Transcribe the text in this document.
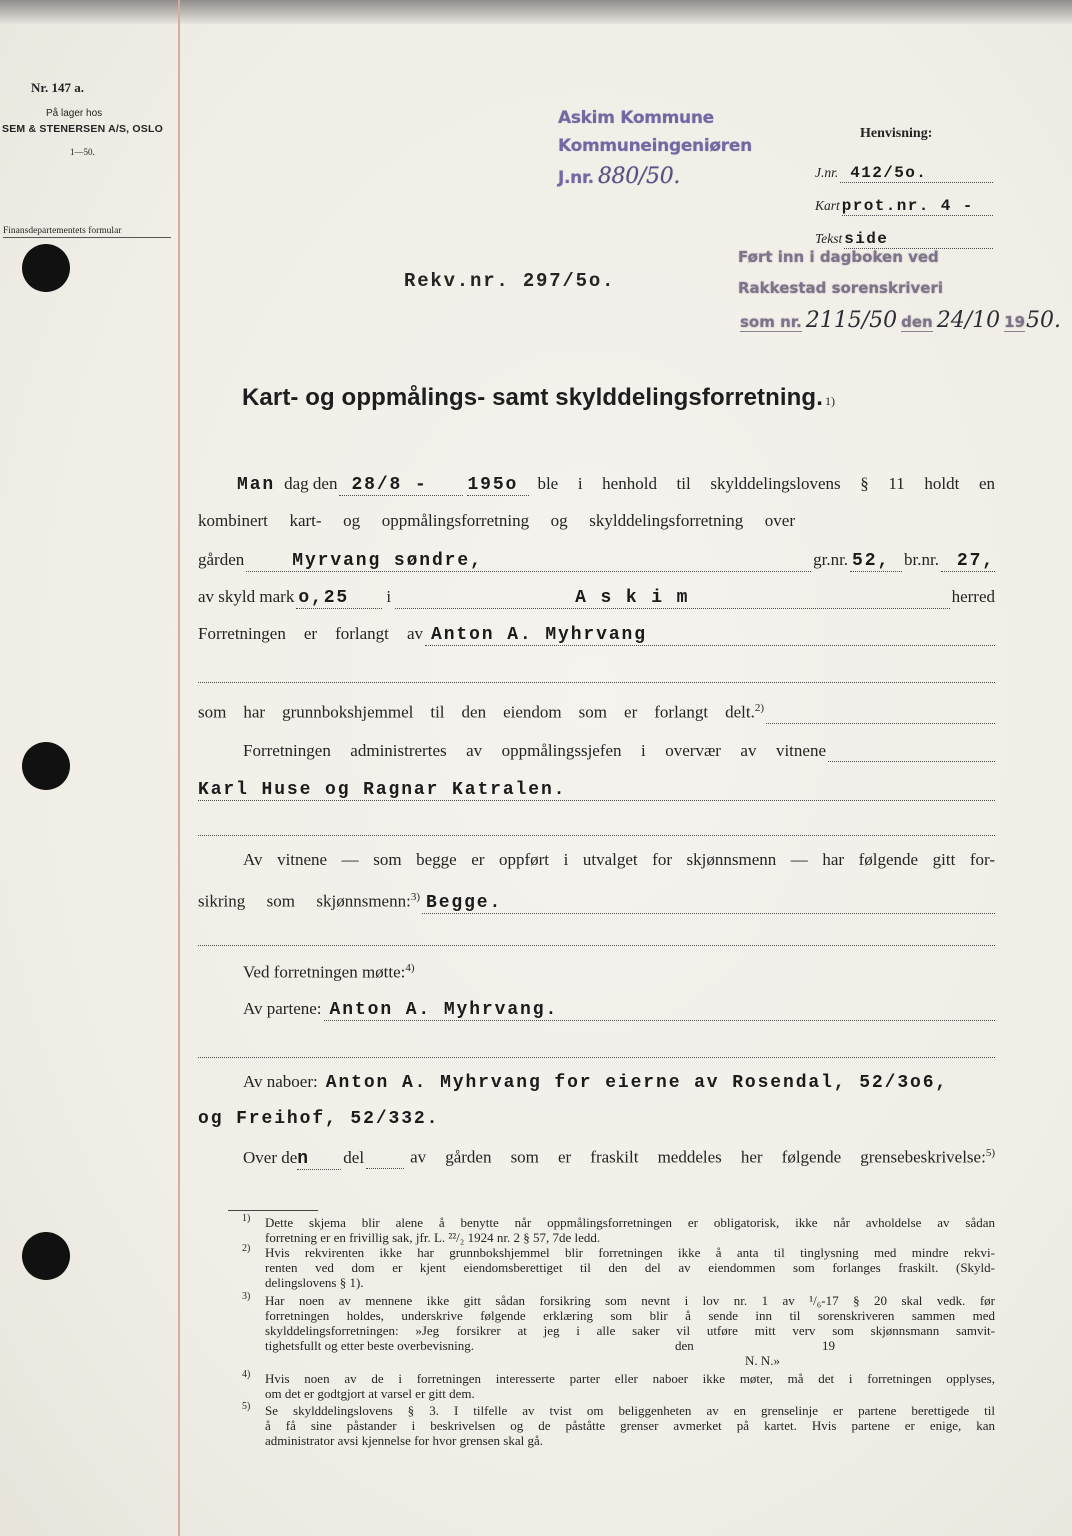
Nr. 147 a.
På lager hos
SEM & STENERSEN A/S, OSLO
1—50.
Finansdepartementets formular
Askim Kommune
Kommuneingeniøren
J.nr. 880/50.
Henvisning:
J.nr. 412/5o.
Kart prot.nr. 4 -
Tekst side
Ført inn i dagboken ved
Rakkestad sorenskriveri
som nr. 2115/50 den 24/10 19 50.
Rekv.nr. 297/5o.
Kart- og oppmålings- samt $skylddelingsforretning._{1)}$
Man dag den 28/8 -	195o	ble i henhold til skylddelingslovens § 11 holdt en
kombinert kart- og oppmålingsforretning og skylddelingsforretning over
gården	Myrvang søndre,	gr.nr. 52, br.nr. 27,
av skyld mark o,25	i	A s k i m	herred
Forretningen er forlangt av Anton A. Myhrvang
som har grunnbokshjemmel til den eiendom som er forlangt delt.$^{2)}$
Forretningen administrertes av oppmålingssjefen i overvær av vitnene
Karl Huse og Ragnar Katralen.
Av vitnene — som begge er oppført i utvalget for skjønnsmenn — har følgende gitt for-
sikring som skjønnsmenn:$^{3)}$ Begge.
Ved forretningen møtte:$^{4)}$
Av partene: Anton A. Myhrvang.
Av naboer: Anton A. Myhrvang for eierne av Rosendal, 52/3o6,
og Freihof, 52/332.
Over de n	del	av gården som er fraskilt meddeles her følgende grensebeskrivelse:$^{5)}$
1) Dette skjema blir alene å benytte når oppmålingsforretningen er obligatorisk, ikke når avholdelse av sådan
forretning er en frivillig sak, jfr. L. ²²/₂ 1924 nr. 2 § 57, 7de ledd.
2) Hvis rekvirenten ikke har grunnbokshjemmel blir forretningen ikke å anta til tinglysning med mindre rekvi-
renten ved dom er kjent eiendomsberettiget til den del av eiendommen som forlanges fraskilt. (Skyld-
delingslovens § 1).
3) Har noen av mennene ikke gitt sådan forsikring som nevnt i lov nr. 1 av ¹/₆-17 § 20 skal vedk. før
forretningen holdes, underskrive følgende erklæring som blir å sende inn til sorenskriveren sammen med
skylddelingsforretningen: »Jeg forsikrer at jeg i alle saker vil utføre mitt verv som skjønnsmann samvit-
tighetsfullt og etter beste overbevisning.	den	19
N. N.»
4) Hvis noen av de i forretningen interesserte parter eller naboer ikke møter, må det i forretningen opplyses,
om det er godtgjort at varsel er gitt dem.
5) Se skylddelingslovens § 3. I tilfelle av tvist om beliggenheten av en grenselinje er partene berettigede til
å få sine påstander i beskrivelsen og de påståtte grenser avmerket på kartet. Hvis partene er enige, kan
administrator avsi kjennelse for hvor grensen skal gå.
